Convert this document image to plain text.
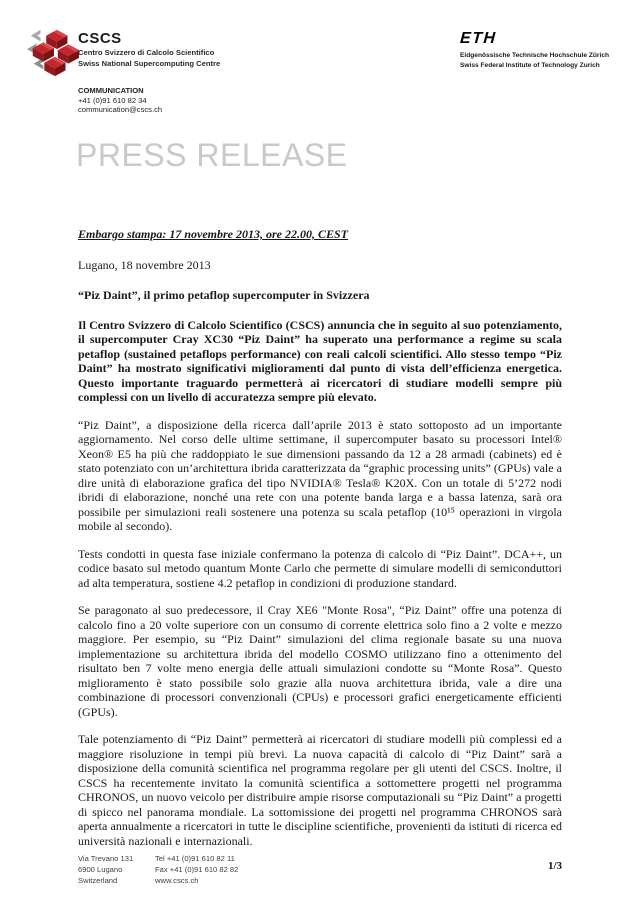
CSCS
Centro Svizzero di Calcolo Scientifico
Swiss National Supercomputing Centre
ETH
Eidgenössische Technische Hochschule Zürich
Swiss Federal Institute of Technology Zurich
COMMUNICATION
+41 (0)91 610 82 34
communication@cscs.ch
PRESS RELEASE

Embargo stampa: 17 novembre 2013, ore 22.00, CEST

Lugano, 18 novembre 2013

“Piz Daint”, il primo petaflop supercomputer in Svizzera

Il Centro Svizzero di Calcolo Scientifico (CSCS) annuncia che in seguito al suo potenziamento, il supercomputer Cray XC30 “Piz Daint” ha superato una performance a regime su scala petaflop (sustained petaflops performance) con reali calcoli scientifici. Allo stesso tempo “Piz Daint” ha mostrato significativi miglioramenti dal punto di vista dell’efficienza energetica. Questo importante traguardo permetterà ai ricercatori di studiare modelli sempre più complessi con un livello di accuratezza sempre più elevato.

“Piz Daint”, a disposizione della ricerca dall’aprile 2013 è stato sottoposto ad un importante aggiornamento. Nel corso delle ultime settimane, il supercomputer basato su processori Intel® Xeon® E5 ha più che raddoppiato le sue dimensioni passando da 12 a 28 armadi (cabinets) ed è stato potenziato con un’architettura ibrida caratterizzata da “graphic processing units” (GPUs) vale a dire unità di elaborazione grafica del tipo NVIDIA® Tesla® K20X. Con un totale di 5’272 nodi ibridi di elaborazione, nonché una rete con una potente banda larga e a bassa latenza, sarà ora possibile per simulazioni reali sostenere una potenza su scala petaflop (10¹⁵ operazioni in virgola mobile al secondo).

Tests condotti in questa fase iniziale confermano la potenza di calcolo di “Piz Daint”. DCA++, un codice basato sul metodo quantum Monte Carlo che permette di simulare modelli di semiconduttori ad alta temperatura, sostiene 4.2 petaflop in condizioni di produzione standard.

Se paragonato al suo predecessore, il Cray XE6 "Monte Rosa", “Piz Daint” offre una potenza di calcolo fino a 20 volte superiore con un consumo di corrente elettrica solo fino a 2 volte e mezzo maggiore. Per esempio, su “Piz Daint” simulazioni del clima regionale basate su una nuova implementazione su architettura ibrida del modello COSMO utilizzano fino a ottenimento del risultato ben 7 volte meno energia delle attuali simulazioni condotte su “Monte Rosa”. Questo miglioramento è stato possibile solo grazie alla nuova architettura ibrida, vale a dire una combinazione di processori convenzionali (CPUs) e processori grafici energeticamente efficienti (GPUs).

Tale potenziamento di “Piz Daint” permetterà ai ricercatori di studiare modelli più complessi ed a maggiore risoluzione in tempi più brevi. La nuova capacità di calcolo di “Piz Daint” sarà a disposizione della comunità scientifica nel programma regolare per gli utenti del CSCS. Inoltre, il CSCS ha recentemente invitato la comunità scientifica a sottomettere progetti nel programma CHRONOS, un nuovo veicolo per distribuire ampie risorse computazionali su “Piz Daint” a progetti di spicco nel panorama mondiale. La sottomissione dei progetti nel programma CHRONOS sarà aperta annualmente a ricercatori in tutte le discipline scientifiche, provenienti da istituti di ricerca ed università nazionali e internazionali.

Via Trevano 131
6900 Lugano
Switzerland
Tel +41 (0)91 610 82 11
Fax +41 (0)91 610 82 82
www.cscs.ch
1/3
